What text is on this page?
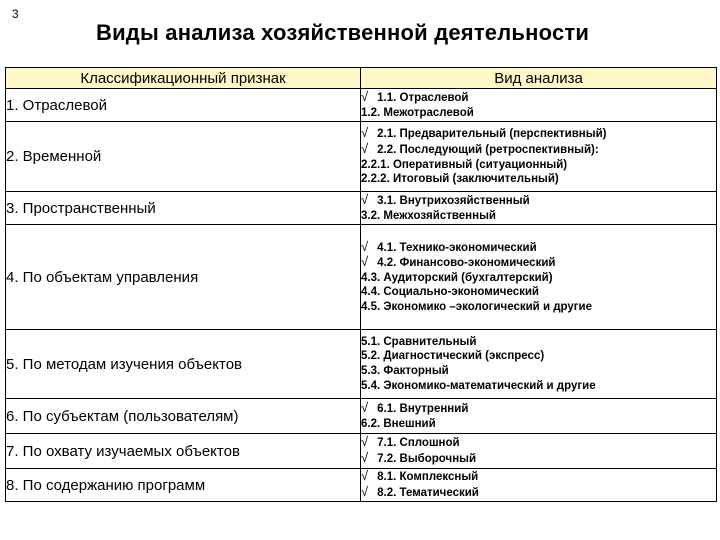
3
Виды анализа хозяйственной деятельности
Классификационный признак	Вид анализа
1. Отраслевой	√ 1.1. Отраслевой
1.2. Межотраслевой

2. Временной	√ 2.1. Предварительный (перспективный)
√ 2.2. Последующий (ретроспективный):
2.2.1. Оперативный (ситуационный)
2.2.2. Итоговый (заключительный)

3. Пространственный	√ 3.1. Внутрихозяйственный
3.2. Межхозяйственный

4. По объектам управления	√ 4.1. Технико-экономический
√ 4.2. Финансово-экономический
4.3. Аудиторский (бухгалтерский)
4.4. Социально-экономический
4.5. Экономико –экологический и другие

5. По методам изучения объектов	5.1. Сравнительный
5.2. Диагностический (экспресс)
5.3. Факторный
5.4. Экономико-математический и другие

6. По субъектам (пользователям)	√ 6.1. Внутренний
6.2. Внешний

7. По охвату изучаемых объектов	√ 7.1. Сплошной
√ 7.2. Выборочный

8. По содержанию программ	√ 8.1. Комплексный
√ 8.2. Тематический
